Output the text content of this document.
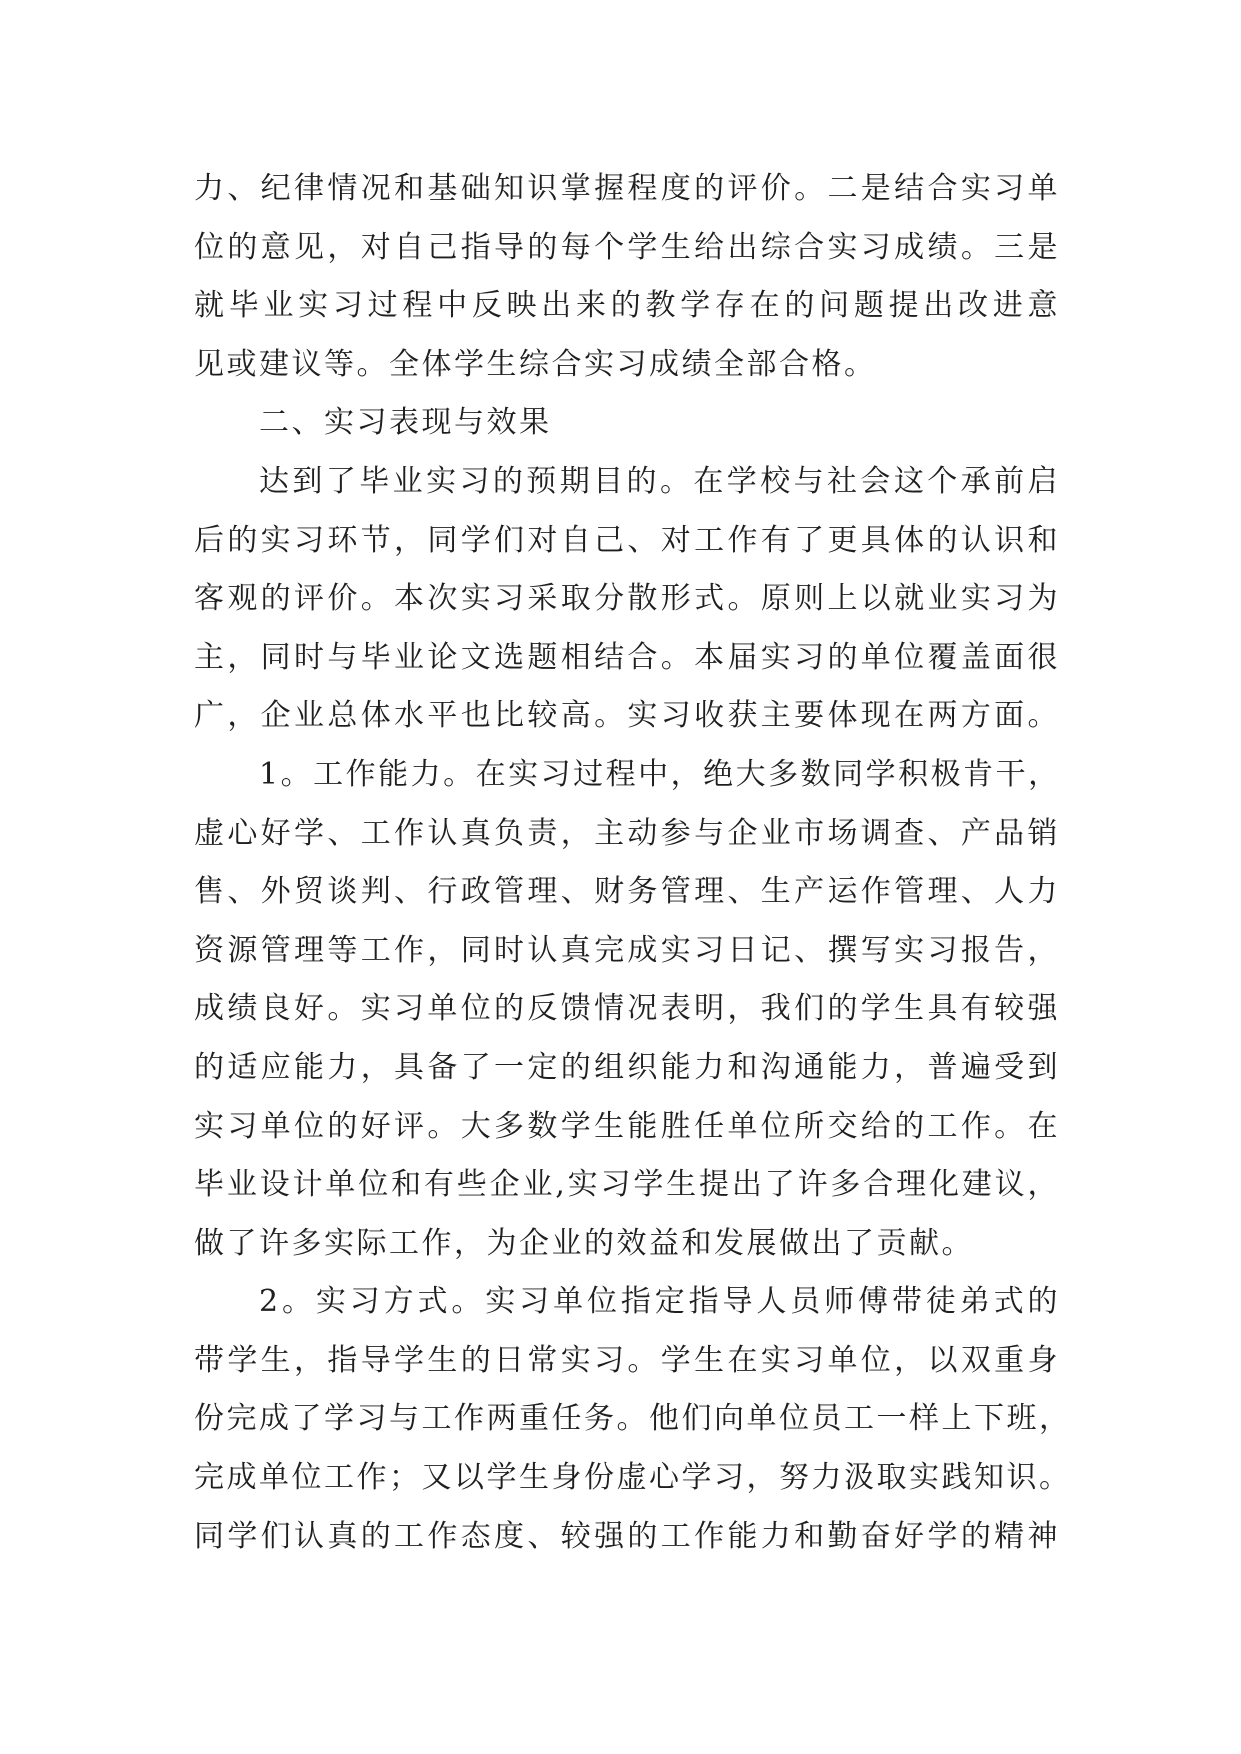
力、纪律情况和基础知识掌握程度的评价。二是结合实习单
位的意见，对自己指导的每个学生给出综合实习成绩。三是
就毕业实习过程中反映出来的教学存在的问题提出改进意
见或建议等。全体学生综合实习成绩全部合格。
二、实习表现与效果
达到了毕业实习的预期目的。在学校与社会这个承前启
后的实习环节，同学们对自己、对工作有了更具体的认识和
客观的评价。本次实习采取分散形式。原则上以就业实习为
主，同时与毕业论文选题相结合。本届实习的单位覆盖面很
广，企业总体水平也比较高。实习收获主要体现在两方面。
1。工作能力。在实习过程中，绝大多数同学积极肯干，
虚心好学、工作认真负责，主动参与企业市场调查、产品销
售、外贸谈判、行政管理、财务管理、生产运作管理、人力
资源管理等工作，同时认真完成实习日记、撰写实习报告，
成绩良好。实习单位的反馈情况表明，我们的学生具有较强
的适应能力，具备了一定的组织能力和沟通能力，普遍受到
实习单位的好评。大多数学生能胜任单位所交给的工作。在
毕业设计单位和有些企业,实习学生提出了许多合理化建议，
做了许多实际工作，为企业的效益和发展做出了贡献。
2。实习方式。实习单位指定指导人员师傅带徒弟式的
带学生，指导学生的日常实习。学生在实习单位，以双重身
份完成了学习与工作两重任务。他们向单位员工一样上下班，
完成单位工作；又以学生身份虚心学习，努力汲取实践知识。
同学们认真的工作态度、较强的工作能力和勤奋好学的精神
